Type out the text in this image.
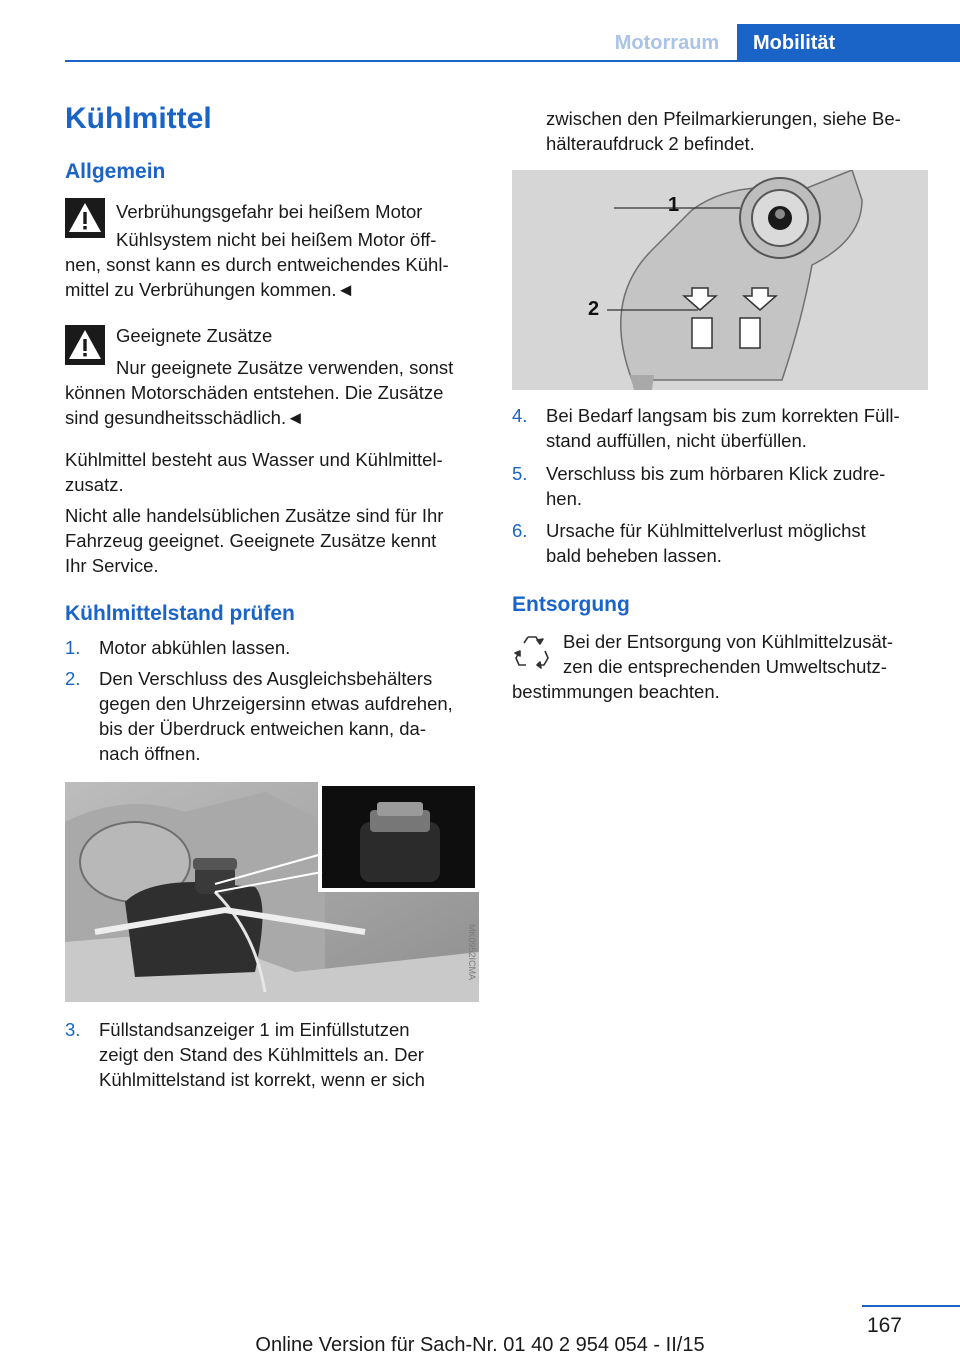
Motorraum	Mobilität
Kühlmittel
Allgemein
Verbrühungsgefahr bei heißem Motor
Kühlsystem nicht bei heißem Motor öff-
nen, sonst kann es durch entweichendes Kühl-
mittel zu Verbrühungen kommen.◄
Geeignete Zusätze
Nur geeignete Zusätze verwenden, sonst
können Motorschäden entstehen. Die Zusätze
sind gesundheitsschädlich.◄
Kühlmittel besteht aus Wasser und Kühlmittel-
zusatz.
Nicht alle handelsüblichen Zusätze sind für Ihr
Fahrzeug geeignet. Geeignete Zusätze kennt
Ihr Service.
Kühlmittelstand prüfen
1. Motor abkühlen lassen.
2. Den Verschluss des Ausgleichsbehälters
gegen den Uhrzeigersinn etwas aufdrehen,
bis der Überdruck entweichen kann, da-
nach öffnen.
MK0952ICMA
3. Füllstandsanzeiger 1 im Einfüllstutzen
zeigt den Stand des Kühlmittels an. Der
Kühlmittelstand ist korrekt, wenn er sich
zwischen den Pfeilmarkierungen, siehe Be-
hälteraufdruck 2 befindet.
1
2
4. Bei Bedarf langsam bis zum korrekten Füll-
stand auffüllen, nicht überfüllen.
5. Verschluss bis zum hörbaren Klick zudre-
hen.
6. Ursache für Kühlmittelverlust möglichst
bald beheben lassen.
Entsorgung
Bei der Entsorgung von Kühlmittelzusät-
zen die entsprechenden Umweltschutz-
bestimmungen beachten.
167
Online Version für Sach-Nr. 01 40 2 954 054 - II/15
